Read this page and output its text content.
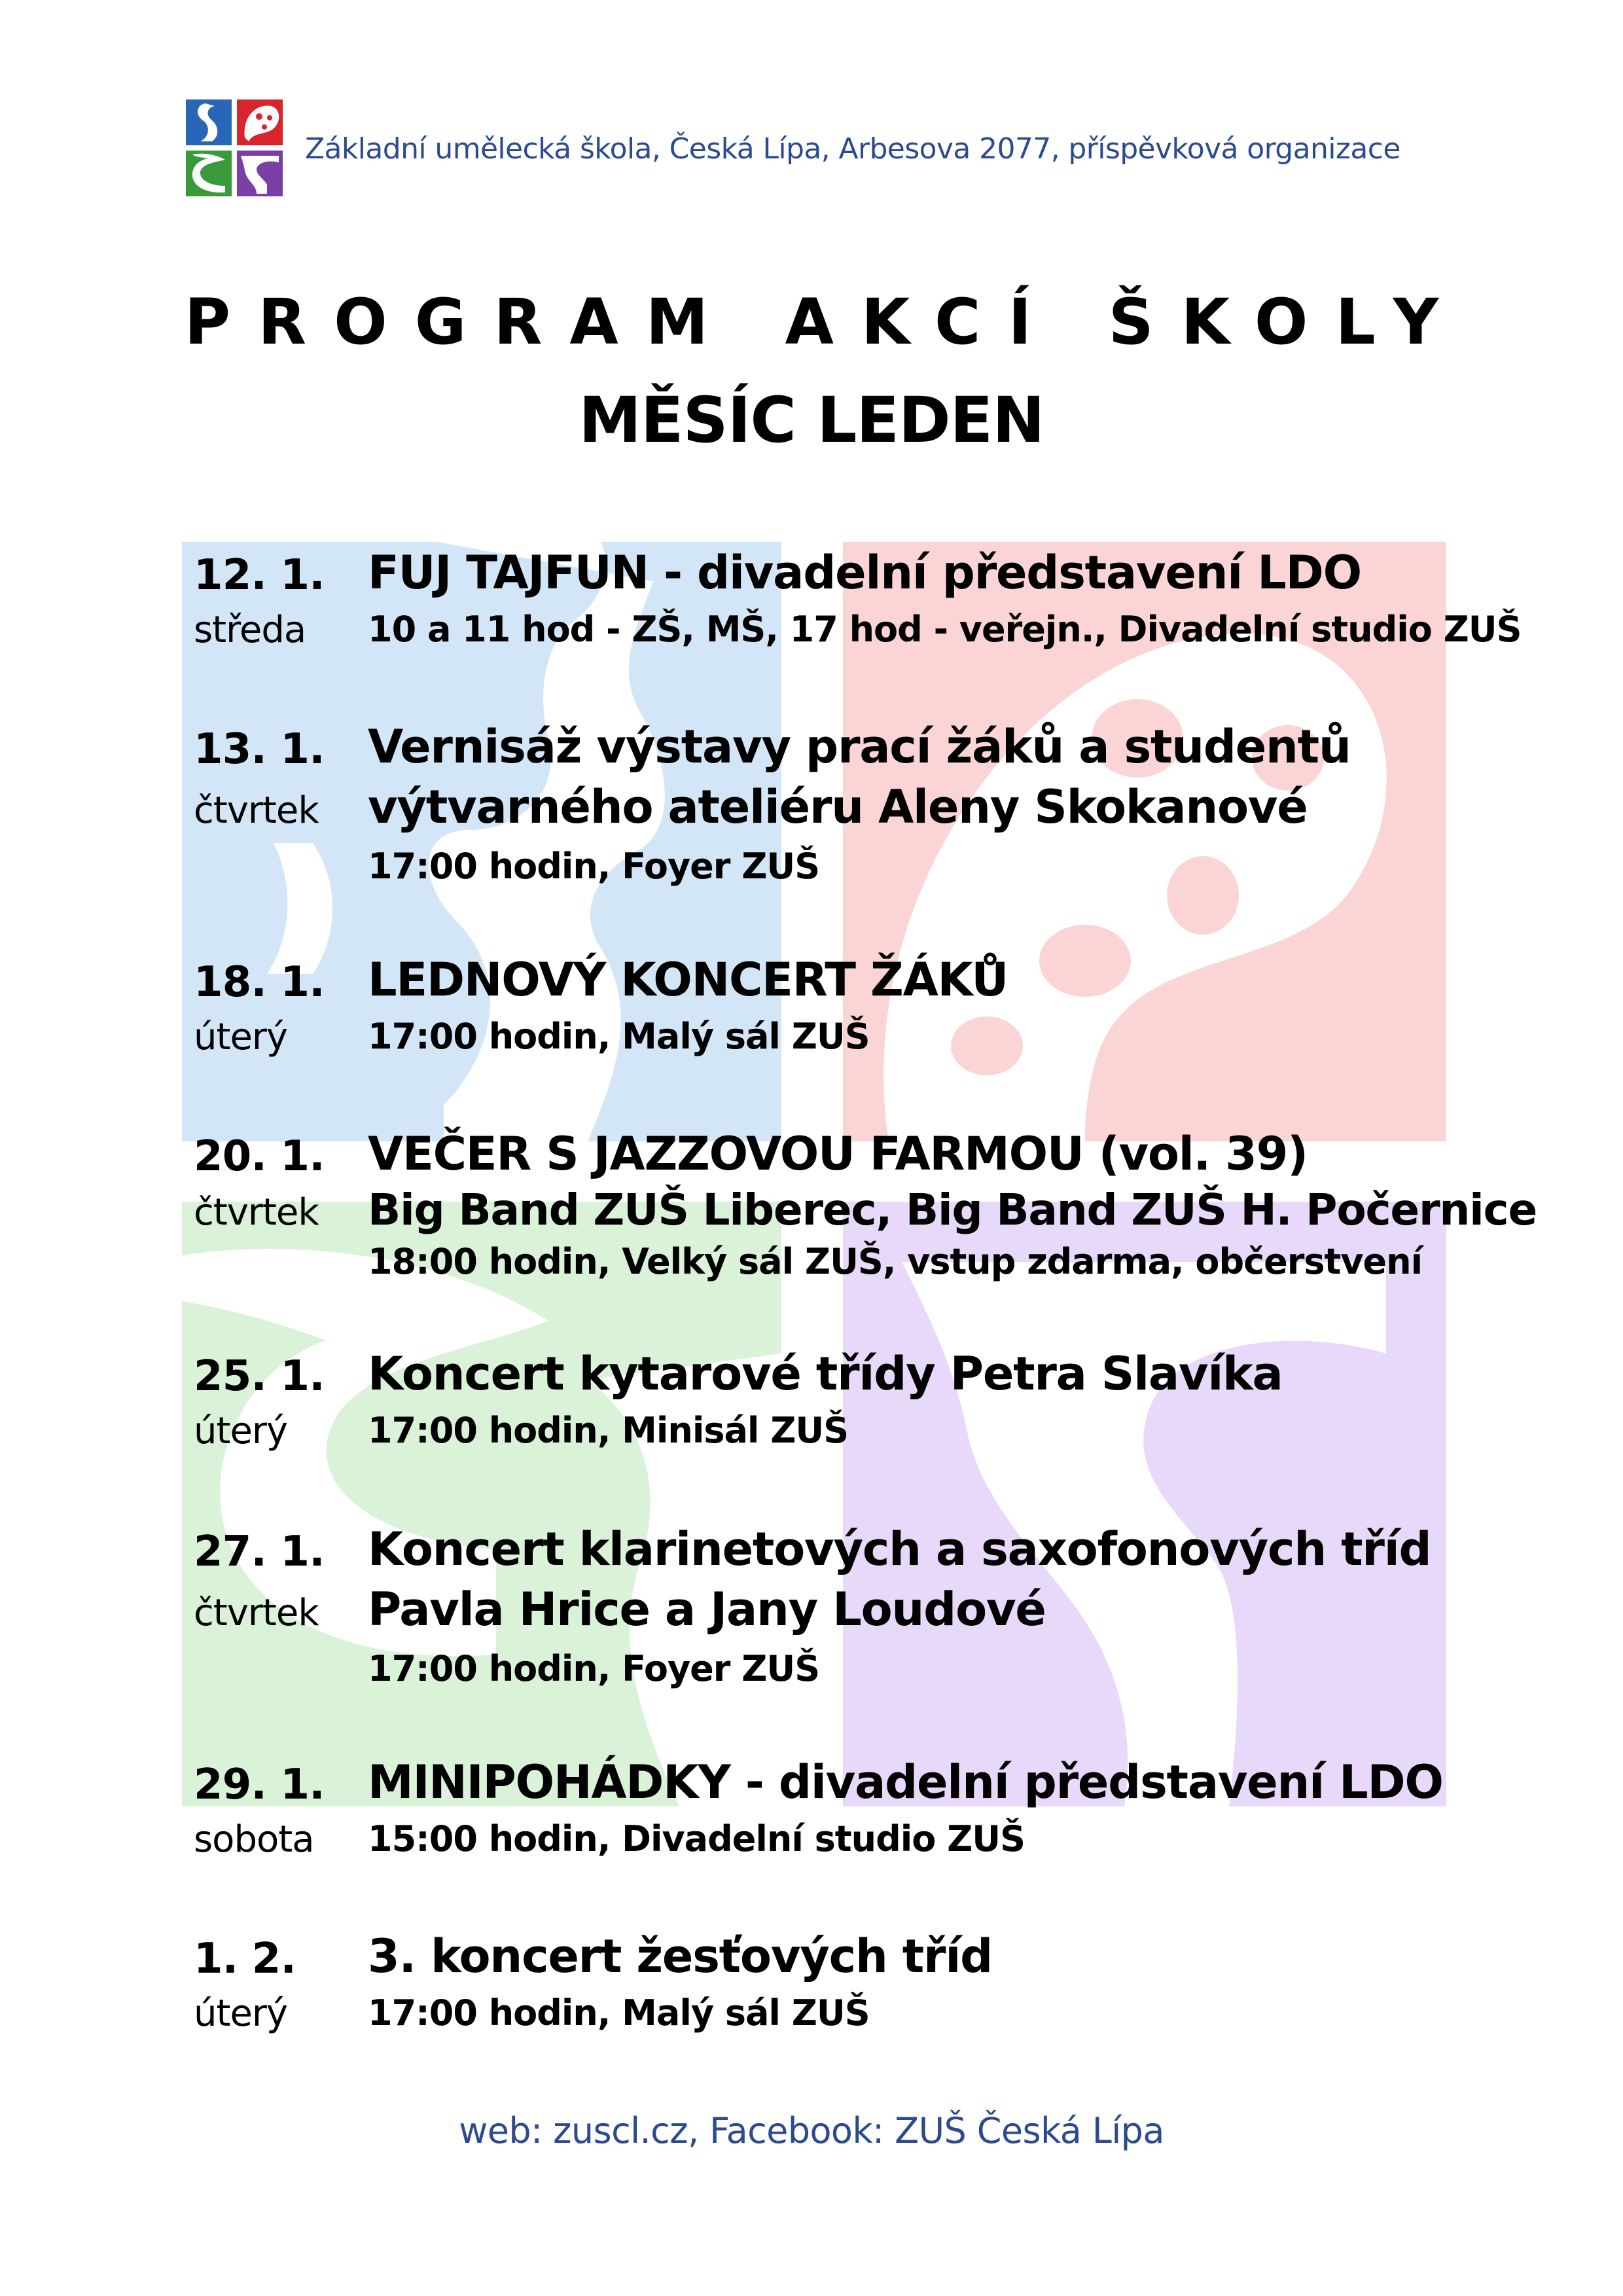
Základní umělecká škola, Česká Lípa, Arbesova 2077, příspěvková organizace
PROGRAM AKCÍ ŠKOLY
MĚSÍC LEDEN
12. 1.
středa
FUJ TAJFUN - divadelní představení LDO
10 a 11 hod - ZŠ, MŠ, 17 hod - veřejn., Divadelní studio ZUŠ
13. 1.
čtvrtek
Vernisáž výstavy prací žáků a studentů
výtvarného ateliéru Aleny Skokanové
17:00 hodin, Foyer ZUŠ
18. 1.
úterý
LEDNOVÝ KONCERT ŽÁKŮ
17:00 hodin, Malý sál ZUŠ
20. 1.
čtvrtek
VEČER S JAZZOVOU FARMOU (vol. 39)
Big Band ZUŠ Liberec, Big Band ZUŠ H. Počernice
18:00 hodin, Velký sál ZUŠ, vstup zdarma, občerstvení
25. 1.
úterý
Koncert kytarové třídy Petra Slavíka
17:00 hodin, Minisál ZUŠ
27. 1.
čtvrtek
Koncert klarinetových a saxofonových tříd
Pavla Hrice a Jany Loudové
17:00 hodin, Foyer ZUŠ
29. 1.
sobota
MINIPOHÁDKY - divadelní představení LDO
15:00 hodin, Divadelní studio ZUŠ
1. 2.
úterý
3. koncert žesťových tříd
17:00 hodin, Malý sál ZUŠ
web: zuscl.cz, Facebook: ZUŠ Česká Lípa
